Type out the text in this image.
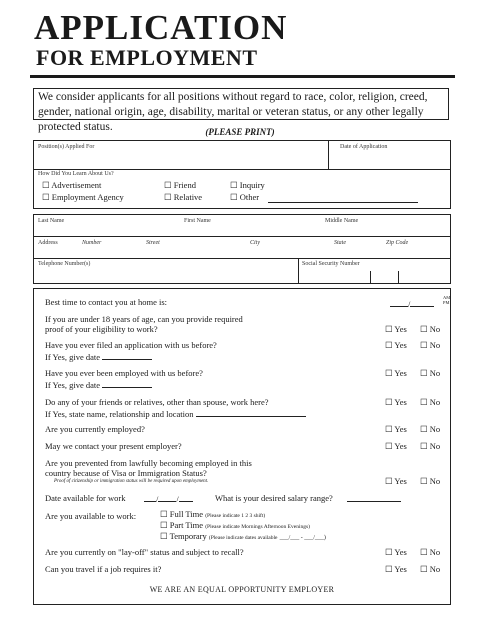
APPLICATION
FOR EMPLOYMENT
We consider applicants for all positions without regard to race, color, religion, creed, gender, national origin, age, disability, marital or veteran status, or any other legally protected status.	(PLEASE PRINT)
Position(s) Applied For	Date of Application
How Did You Learn About Us?
☐ Advertisement	☐ Friend	☐ Inquiry
☐ Employment Agency	☐ Relative	☐ Other
Last Name	First Name	Middle Name
Address	Number	Street	City	State	Zip Code
Telephone Number(s)	Social Security Number
Best time to contact you at home is:	/
AM
PM
If you are under 18 years of age, can you provide required
proof of your eligibility to work?	☐ Yes ☐ No
Have you ever filed an application with us before?
If Yes, give date
☐ Yes ☐ No
Have you ever been employed with us before?
If Yes, give date
☐ Yes ☐ No
Do any of your friends or relatives, other than spouse, work here?
If Yes, state name, relationship and location
☐ Yes ☐ No
Are you currently employed?	☐ Yes ☐ No
May we contact your present employer?	☐ Yes ☐ No
Are you prevented from lawfully becoming employed in this
country because of Visa or Immigration Status?
Proof of citizenship or immigration status will be required upon employment.	☐ Yes ☐ No
Date available for work	/ /	What is your desired salary range?
Are you available to work:	☐ Full Time (Please indicate 1 2 3 shift)
☐ Part Time (Please indicate Mornings Afternoon Evenings)
☐ Temporary (Please indicate dates available ___/___ - ___/___)
Are you currently on "lay-off" status and subject to recall?	☐ Yes ☐ No
Can you travel if a job requires it?	☐ Yes ☐ No
WE ARE AN EQUAL OPPORTUNITY EMPLOYER
